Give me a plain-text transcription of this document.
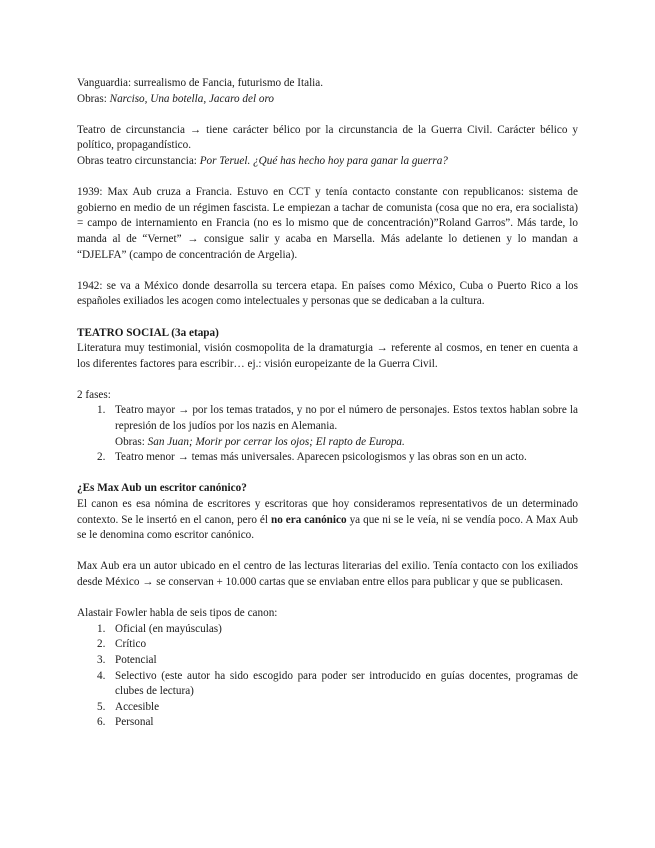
Vanguardia: surrealismo de Fancia, futurismo de Italia.

Obras: Narciso, Una botella, Jacaro del oro

Teatro de circunstancia → tiene carácter bélico por la circunstancia de la Guerra Civil. Carácter bélico y político, propagandístico.

Obras teatro circunstancia: Por Teruel. ¿Qué has hecho hoy para ganar la guerra?

1939: Max Aub cruza a Francia. Estuvo en CCT y tenía contacto constante con republicanos: sistema de gobierno en medio de un régimen fascista. Le empiezan a tachar de comunista (cosa que no era, era socialista) = campo de internamiento en Francia (no es lo mismo que de concentración)”Roland Garros”. Más tarde, lo manda al de “Vernet” → consigue salir y acaba en Marsella. Más adelante lo detienen y lo mandan a “DJELFA” (campo de concentración de Argelia).

1942: se va a México donde desarrolla su tercera etapa. En países como México, Cuba o Puerto Rico a los españoles exiliados les acogen como intelectuales y personas que se dedicaban a la cultura.

TEATRO SOCIAL (3a etapa)

Literatura muy testimonial, visión cosmopolita de la dramaturgia → referente al cosmos, en tener en cuenta a los diferentes factores para escribir… ej.: visión europeizante de la Guerra Civil.

2 fases:

1. Teatro mayor → por los temas tratados, y no por el número de personajes. Estos textos hablan sobre la represión de los judíos por los nazis en Alemania.

Obras: San Juan; Morir por cerrar los ojos; El rapto de Europa.

2. Teatro menor → temas más universales. Aparecen psicologismos y las obras son en un acto.

¿Es Max Aub un escritor canónico?

El canon es esa nómina de escritores y escritoras que hoy consideramos representativos de un determinado contexto. Se le insertó en el canon, pero él no era canónico ya que ni se le veía, ni se vendía poco. A Max Aub se le denomina como escritor canónico.

Max Aub era un autor ubicado en el centro de las lecturas literarias del exilio. Tenía contacto con los exiliados desde México → se conservan + 10.000 cartas que se enviaban entre ellos para publicar y que se publicasen.

Alastair Fowler habla de seis tipos de canon:

1. Oficial (en mayúsculas)

2. Crítico

3. Potencial

4. Selectivo (este autor ha sido escogido para poder ser introducido en guías docentes, programas de clubes de lectura)

5. Accesible

6. Personal
